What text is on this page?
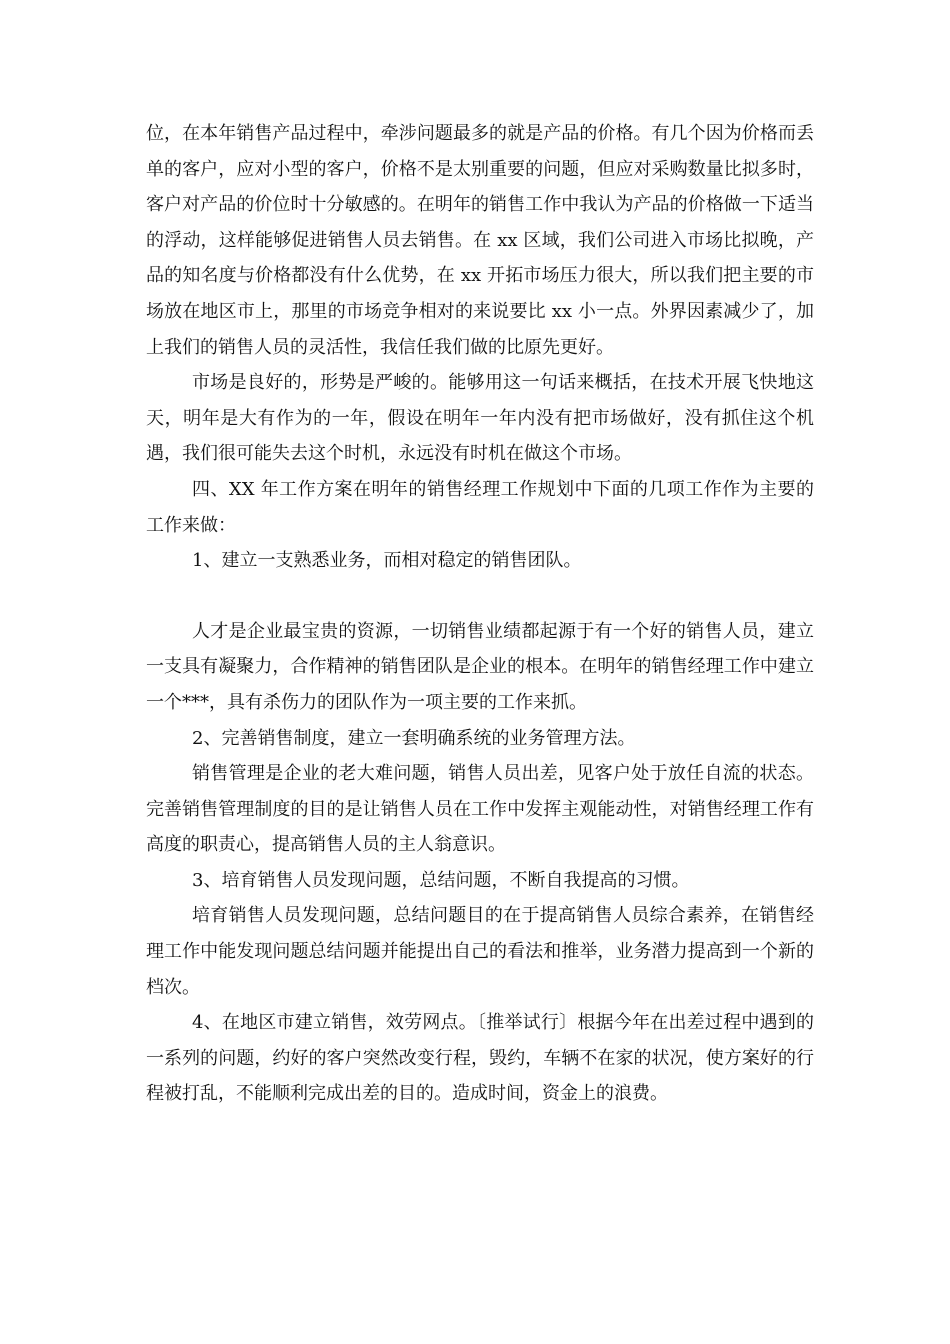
位，在本年销售产品过程中，牵涉问题最多的就是产品的价格。有几个因为价格而丢单的客户，应对小型的客户，价格不是太别重要的问题，但应对采购数量比拟多时，客户对产品的价位时十分敏感的。在明年的销售工作中我认为产品的价格做一下适当的浮动，这样能够促进销售人员去销售。在 xx 区域，我们公司进入市场比拟晚，产品的知名度与价格都没有什么优势，在 xx 开拓市场压力很大，所以我们把主要的市场放在地区市上，那里的市场竞争相对的来说要比 xx 小一点。外界因素减少了，加上我们的销售人员的灵活性，我信任我们做的比原先更好。

市场是良好的，形势是严峻的。能够用这一句话来概括，在技术开展飞快地这天，明年是大有作为的一年，假设在明年一年内没有把市场做好，没有抓住这个机遇，我们很可能失去这个时机，永远没有时机在做这个市场。

四、XX 年工作方案在明年的销售经理工作规划中下面的几项工作作为主要的工作来做：

1、建立一支熟悉业务，而相对稳定的销售团队。

人才是企业最宝贵的资源，一切销售业绩都起源于有一个好的销售人员，建立一支具有凝聚力，合作精神的销售团队是企业的根本。在明年的销售经理工作中建立一个***，具有杀伤力的团队作为一项主要的工作来抓。

2、完善销售制度，建立一套明确系统的业务管理方法。

销售管理是企业的老大难问题，销售人员出差，见客户处于放任自流的状态。完善销售管理制度的目的是让销售人员在工作中发挥主观能动性，对销售经理工作有高度的职责心，提高销售人员的主人翁意识。

3、培育销售人员发现问题，总结问题，不断自我提高的习惯。

培育销售人员发现问题，总结问题目的在于提高销售人员综合素养，在销售经理工作中能发现问题总结问题并能提出自己的看法和推举，业务潜力提高到一个新的档次。

4、在地区市建立销售，效劳网点。〔推举试行〕根据今年在出差过程中遇到的一系列的问题，约好的客户突然改变行程，毁约，车辆不在家的状况，使方案好的行程被打乱，不能顺利完成出差的目的。造成时间，资金上的浪费。
